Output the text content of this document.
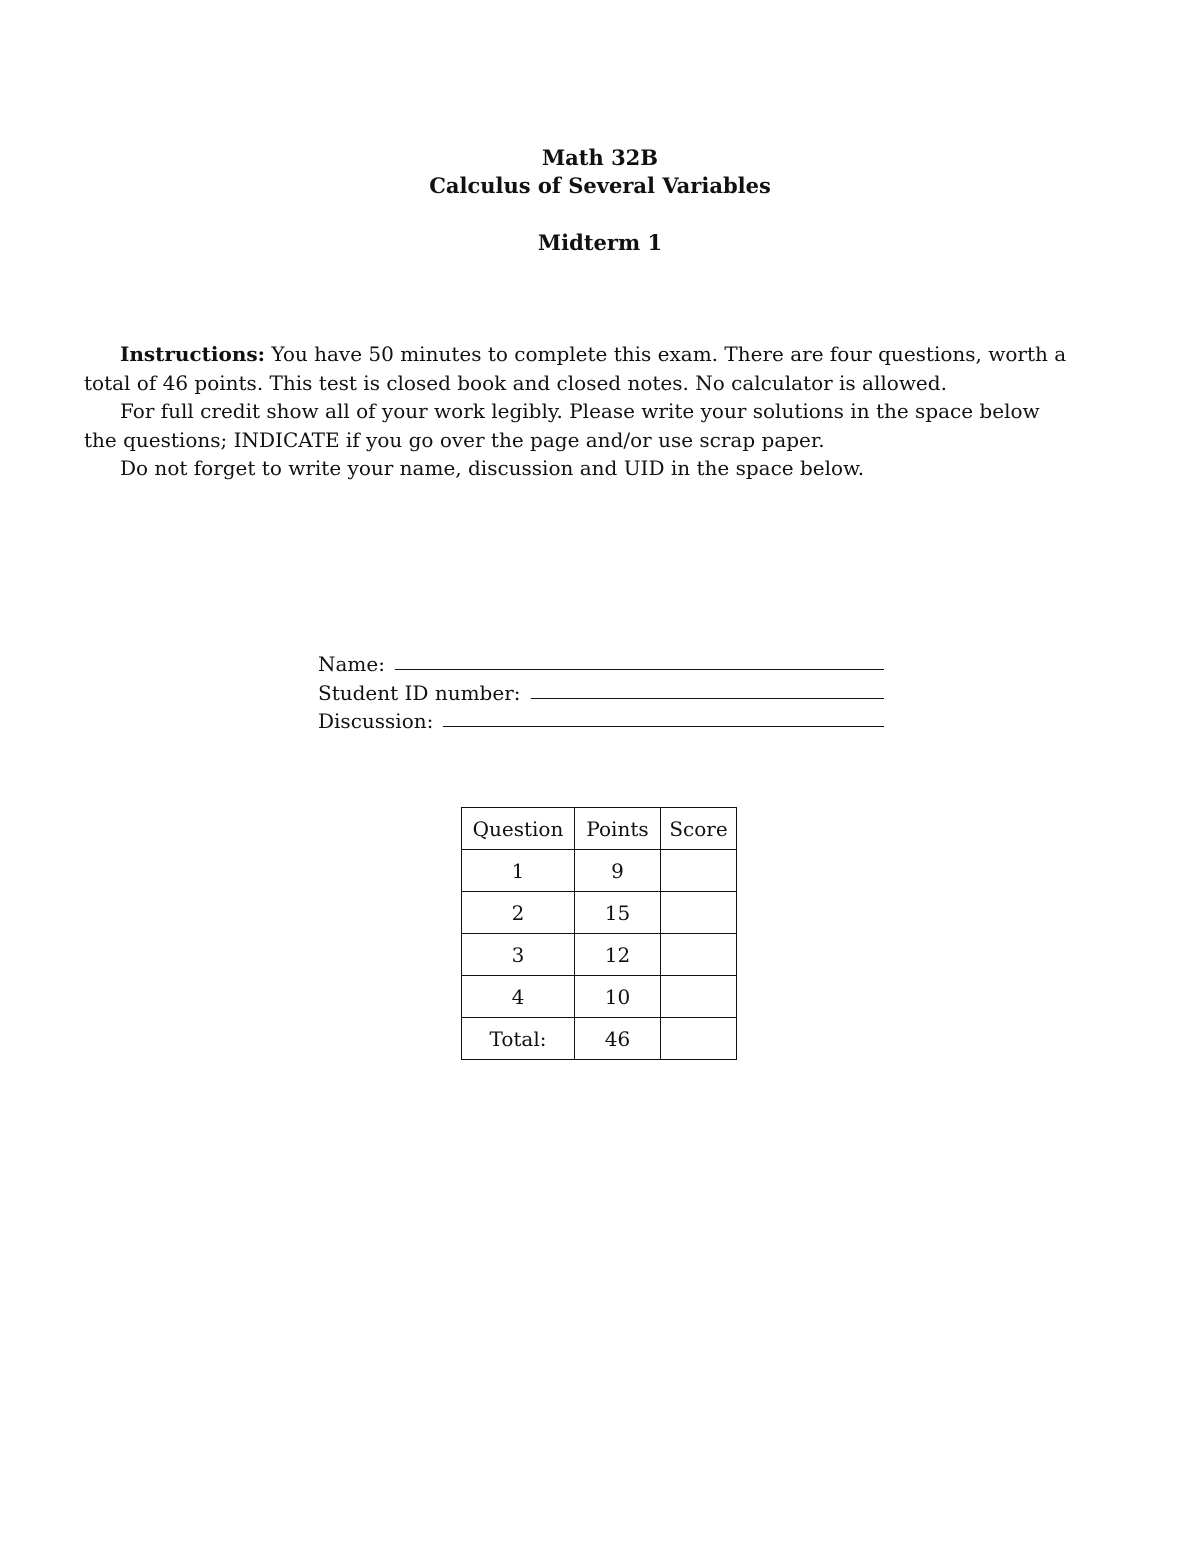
Math 32B
Calculus of Several Variables
Midterm 1

Instructions: You have 50 minutes to complete this exam. There are four questions, worth a total of 46 points. This test is closed book and closed notes. No calculator is allowed.

For full credit show all of your work legibly. Please write your solutions in the space below the questions; INDICATE if you go over the page and/or use scrap paper.

Do not forget to write your name, discussion and UID in the space below.

Name:
Student ID number:
Discussion:
Question	Points	Score
1	9	
2	15	
3	12	
4	10	
Total:	46	
